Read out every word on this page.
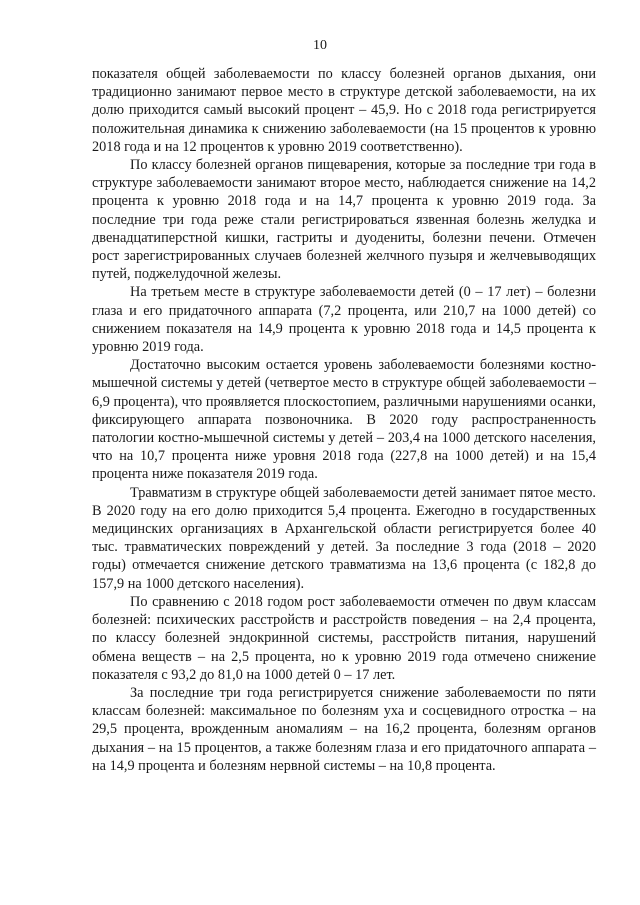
10

показателя общей заболеваемости по классу болезней органов дыхания, они традиционно занимают первое место в структуре детской заболеваемости, на их долю приходится самый высокий процент – 45,9. Но с 2018 года регистрируется положительная динамика к снижению заболеваемости (на 15 процентов к уровню 2018 года и на 12 процентов к уровню 2019 соответственно).

По классу болезней органов пищеварения, которые за последние три года в структуре заболеваемости занимают второе место, наблюдается снижение на 14,2 процента к уровню 2018 года и на 14,7 процента к уровню 2019 года. За последние три года реже стали регистрироваться язвенная болезнь желудка и двенадцатиперстной кишки, гастриты и дуодениты, болезни печени. Отмечен рост зарегистрированных случаев болезней желчного пузыря и желчевыводящих путей, поджелудочной железы.

На третьем месте в структуре заболеваемости детей (0 – 17 лет) – болезни глаза и его придаточного аппарата (7,2 процента, или 210,7 на 1000 детей) со снижением показателя на 14,9 процента к уровню 2018 года и 14,5 процента к уровню 2019 года.

Достаточно высоким остается уровень заболеваемости болезнями костно-мышечной системы у детей (четвертое место в структуре общей заболеваемости – 6,9 процента), что проявляется плоскостопием, различными нарушениями осанки, фиксирующего аппарата позвоночника. В 2020 году распространенность патологии костно-мышечной системы у детей – 203,4 на 1000 детского населения, что на 10,7 процента ниже уровня 2018 года (227,8 на 1000 детей) и на 15,4 процента ниже показателя 2019 года.

Травматизм в структуре общей заболеваемости детей занимает пятое место. В 2020 году на его долю приходится 5,4 процента. Ежегодно в государственных медицинских организациях в Архангельской области регистрируется более 40 тыс. травматических повреждений у детей. За последние 3 года (2018 – 2020 годы) отмечается снижение детского травматизма на 13,6 процента (с 182,8 до 157,9 на 1000 детского населения).

По сравнению с 2018 годом рост заболеваемости отмечен по двум классам болезней: психических расстройств и расстройств поведения – на 2,4 процента, по классу болезней эндокринной системы, расстройств питания, нарушений обмена веществ – на 2,5 процента, но к уровню 2019 года отмечено снижение показателя с 93,2 до 81,0 на 1000 детей 0 – 17 лет.

За последние три года регистрируется снижение заболеваемости по пяти классам болезней: максимальное по болезням уха и сосцевидного отростка – на 29,5 процента, врожденным аномалиям – на 16,2 процента, болезням органов дыхания – на 15 процентов, а также болезням глаза и его придаточного аппарата – на 14,9 процента и болезням нервной системы – на 10,8 процента.
